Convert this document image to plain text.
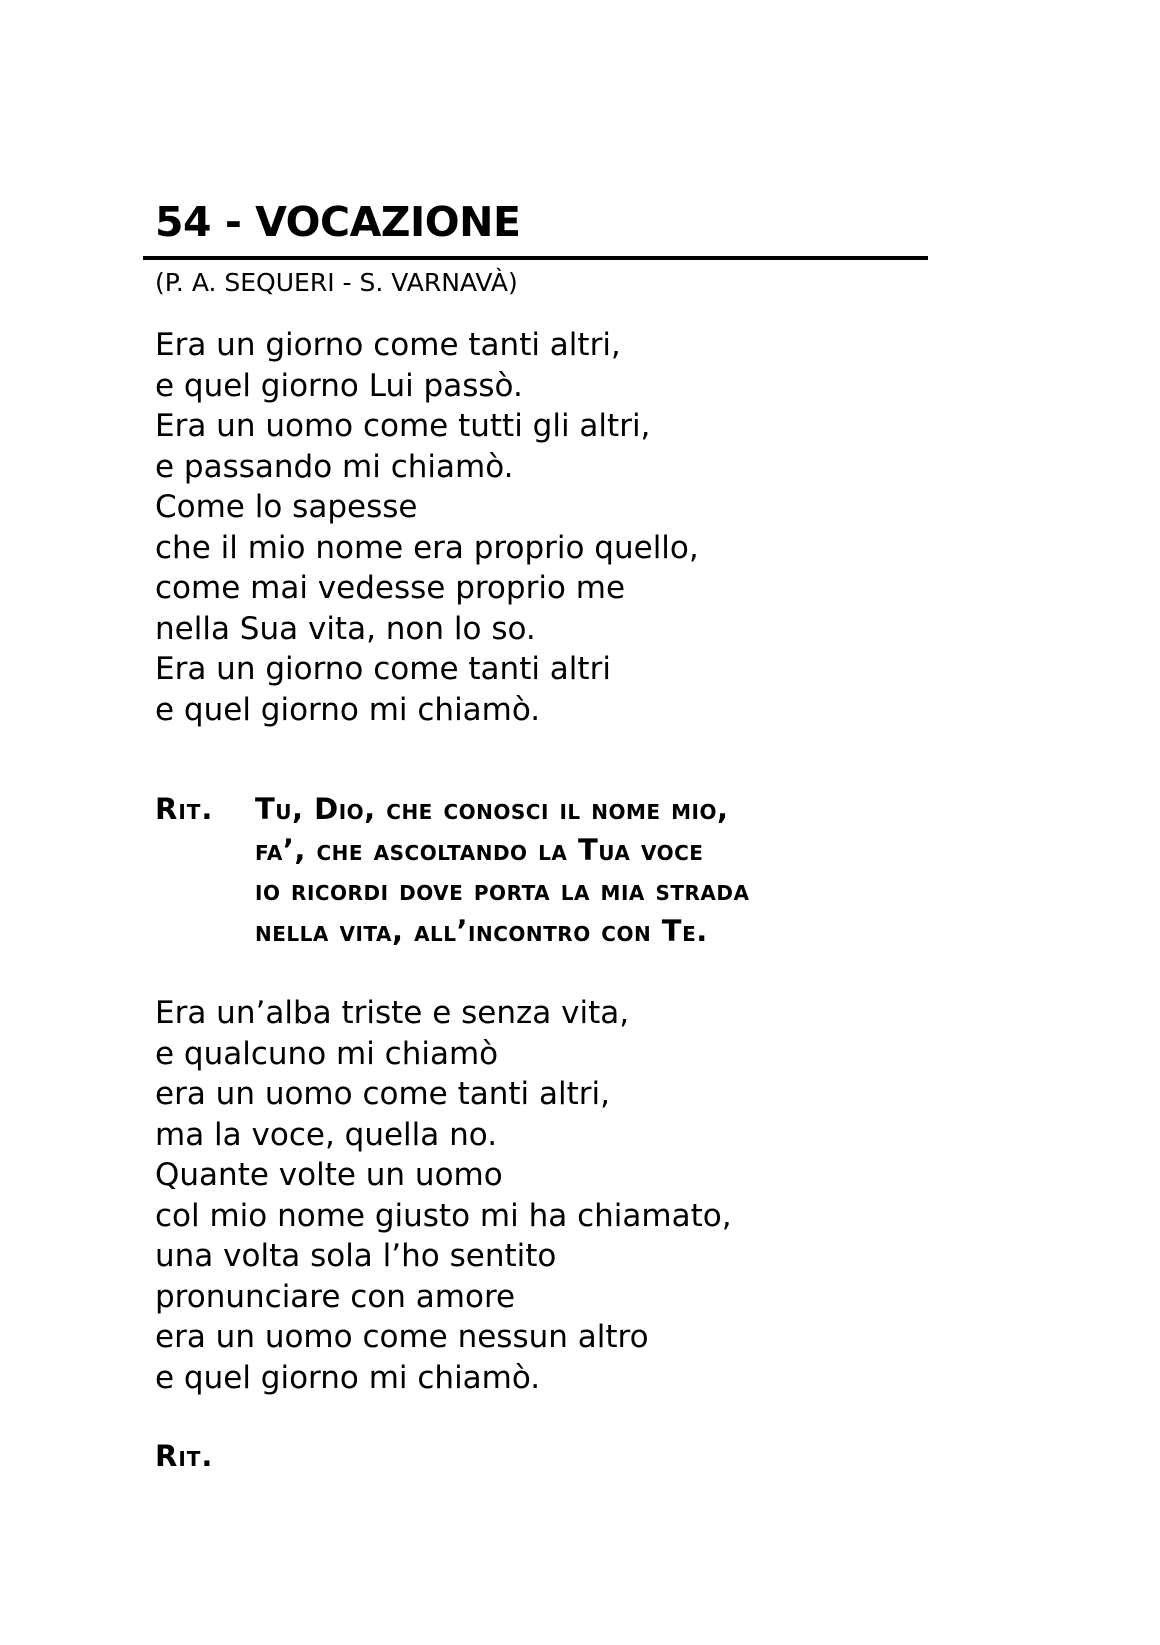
54 - VOCAZIONE
(P. A. SEQUERI - S. VARNAVÀ)
Era un giorno come tanti altri,
e quel giorno Lui passò.
Era un uomo come tutti gli altri,
e passando mi chiamò.
Come lo sapesse
che il mio nome era proprio quello,
come mai vedesse proprio me
nella Sua vita, non lo so.
Era un giorno come tanti altri
e quel giorno mi chiamò.
Rit. Tu, Dio, che conosci il nome mio,
fa’, che ascoltando la Tua voce
io ricordi dove porta la mia strada
nella vita, all’incontro con Te.
Era un’alba triste e senza vita,
e qualcuno mi chiamò
era un uomo come tanti altri,
ma la voce, quella no.
Quante volte un uomo
col mio nome giusto mi ha chiamato,
una volta sola l’ho sentito
pronunciare con amore
era un uomo come nessun altro
e quel giorno mi chiamò.
Rit.
